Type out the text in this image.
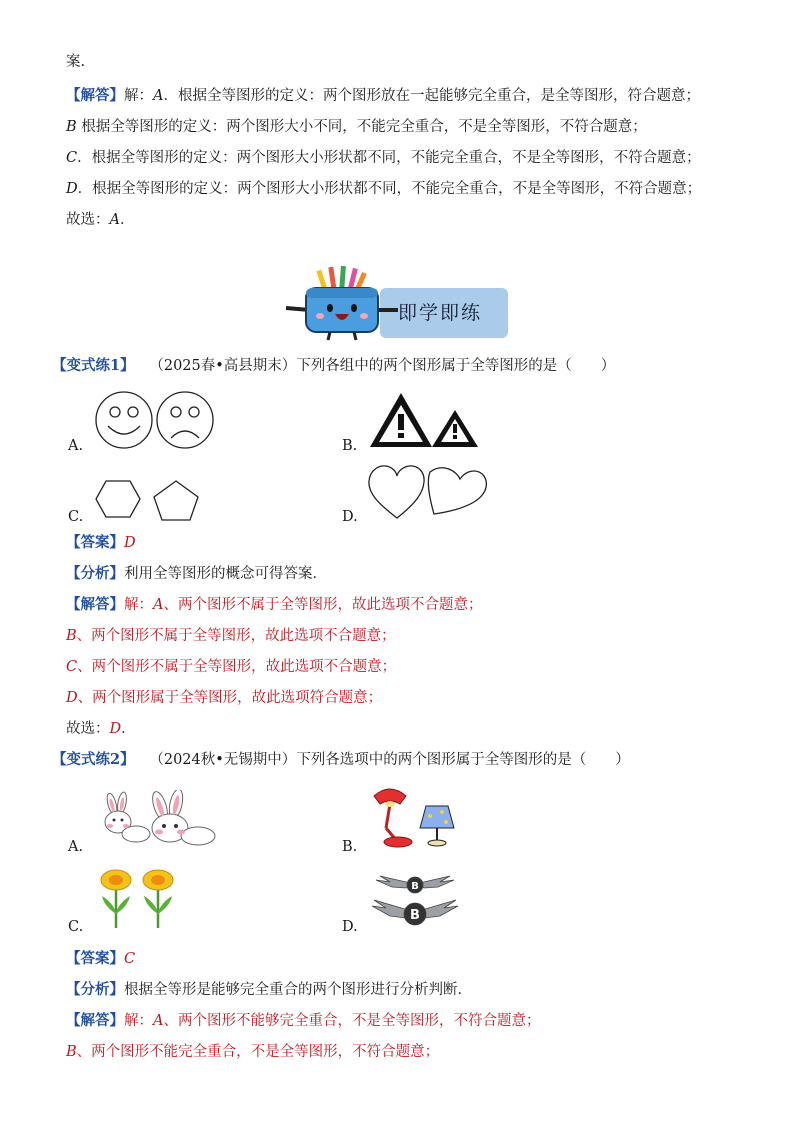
案.
【解答】解：A．根据全等图形的定义：两个图形放在一起能够完全重合，是全等图形，符合题意；
B 根据全等图形的定义：两个图形大小不同，不能完全重合，不是全等图形，不符合题意；
C．根据全等图形的定义：两个图形大小形状都不同，不能完全重合，不是全等图形，不符合题意；
D．根据全等图形的定义：两个图形大小形状都不同，不能完全重合，不是全等图形，不符合题意；
故选：A．
即学即练
【变式练1】 （2025春•高县期末）下列各组中的两个图形属于全等图形的是（　　）
A.	B.
C.	D.
【答案】D
【分析】利用全等图形的概念可得答案．
【解答】解：A、两个图形不属于全等图形，故此选项不合题意；
B、两个图形不属于全等图形，故此选项不合题意；
C、两个图形不属于全等图形，故此选项不合题意；
D、两个图形属于全等图形，故此选项符合题意；
故选：D．
【变式练2】 （2024秋•无锡期中）下列各选项中的两个图形属于全等图形的是（　　）
A.	B.
C.	D.
B
B
【答案】C
【分析】根据全等形是能够完全重合的两个图形进行分析判断．
【解答】解：A、两个图形不能够完全重合，不是全等图形，不符合题意；
B、两个图形不能完全重合，不是全等图形，不符合题意；
